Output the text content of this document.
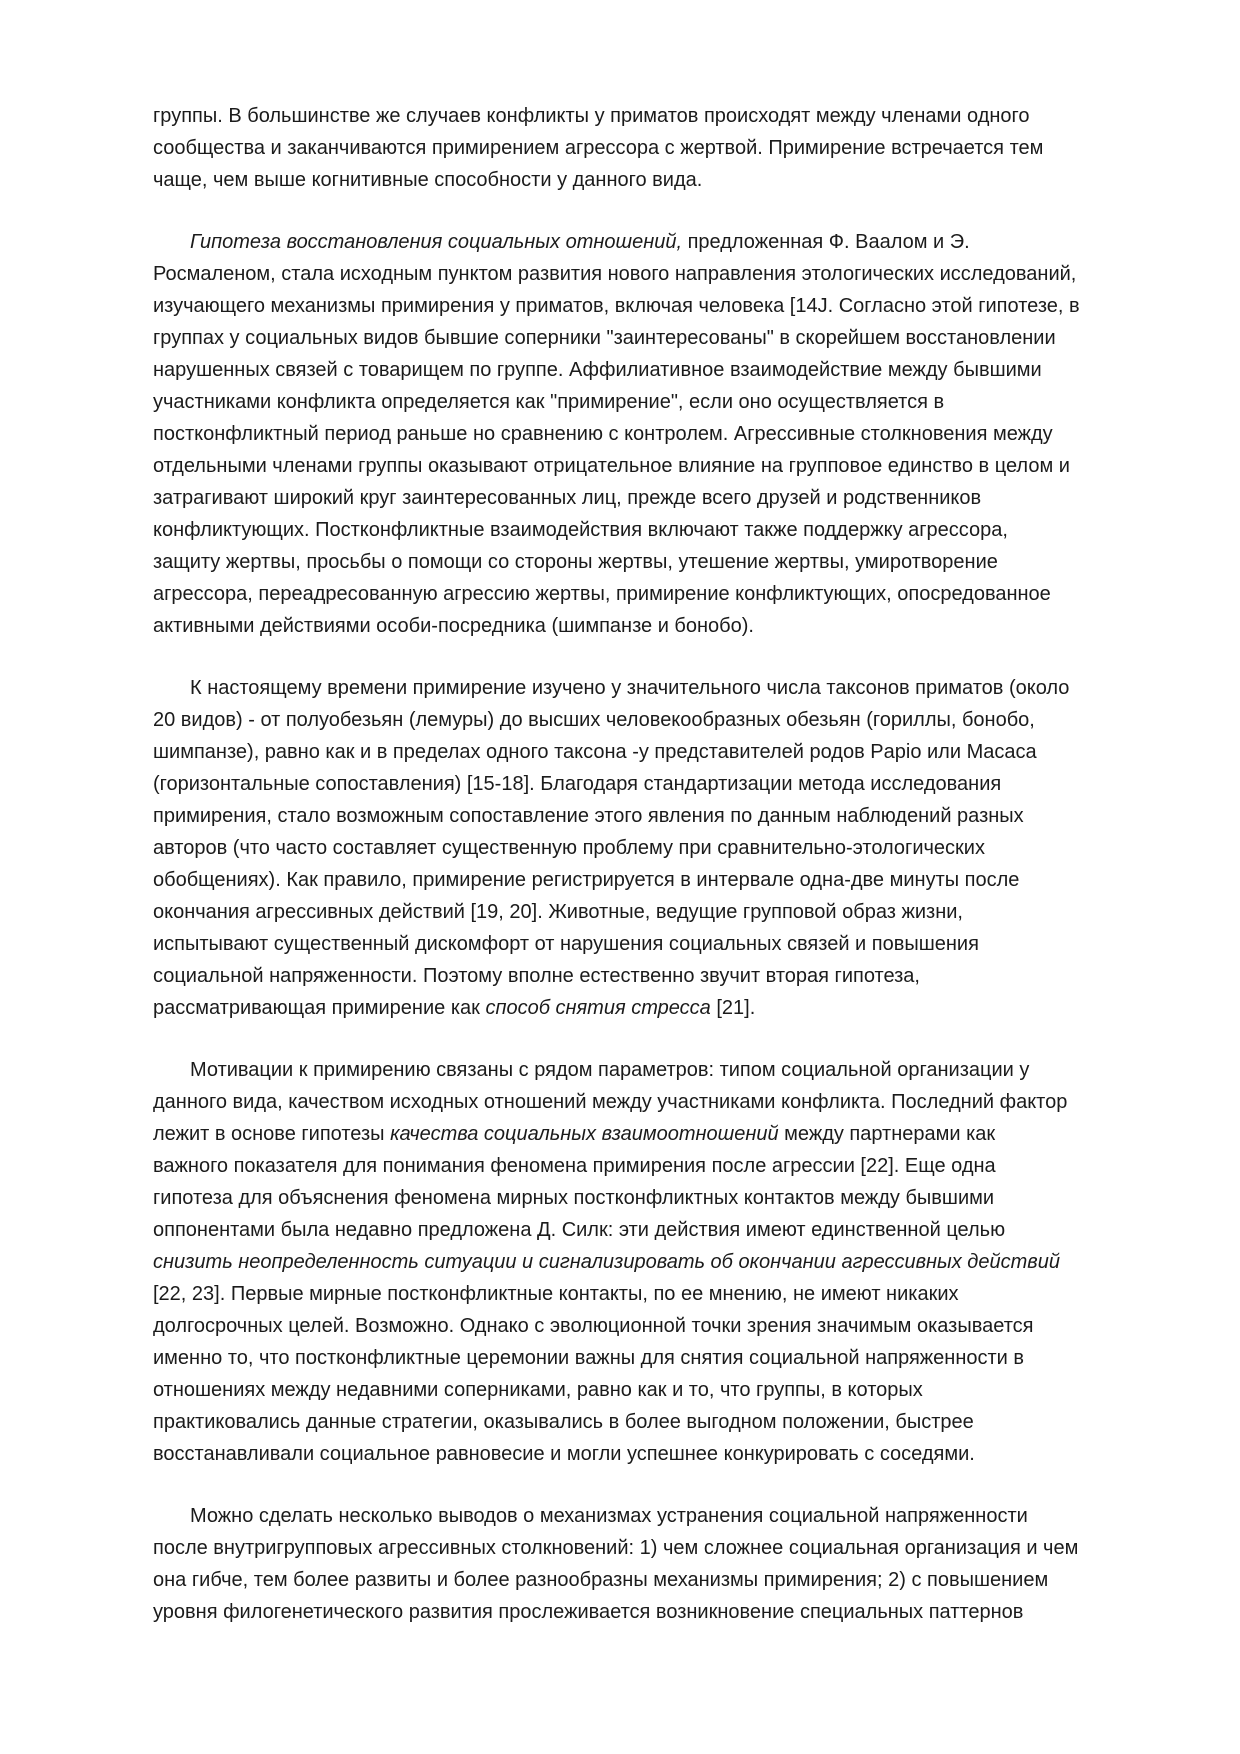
группы. В большинстве же случаев конфликты у приматов происходят между членами одного
сообщества и заканчиваются примирением агрессора с жертвой. Примирение встречается тем
чаще, чем выше когнитивные способности у данного вида.
Гипотеза восстановления социальных отношений, предложенная Ф. Ваалом и Э.
Росмаленом, стала исходным пунктом развития нового направления этологических исследований,
изучающего механизмы примирения у приматов, включая человека [14J. Согласно этой гипотезе, в
группах у социальных видов бывшие соперники "заинтересованы" в скорейшем восстановлении
нарушенных связей с товарищем по группе. Аффилиативное взаимодействие между бывшими
участниками конфликта определяется как "примирение", если оно осуществляется в
постконфликтный период раньше но сравнению с контролем. Агрессивные столкновения между
отдельными членами группы оказывают отрицательное влияние на групповое единство в целом и
затрагивают широкий круг заинтересованных лиц, прежде всего друзей и родственников
конфликтующих. Постконфликтные взаимодействия включают также поддержку агрессора,
защиту жертвы, просьбы о помощи со стороны жертвы, утешение жертвы, умиротворение
агрессора, переадресованную агрессию жертвы, примирение конфликтующих, опосредованное
активными действиями особи-посредника (шимпанзе и бонобо).
К настоящему времени примирение изучено у значительного числа таксонов приматов (около
20 видов) - от полуобезьян (лемуры) до высших человекообразных обезьян (гориллы, бонобо,
шимпанзе), равно как и в пределах одного таксона -у представителей родов Papio или Macaca
(горизонтальные сопоставления) [15-18]. Благодаря стандартизации метода исследования
примирения, стало возможным сопоставление этого явления по данным наблюдений разных
авторов (что часто составляет существенную проблему при сравнительно-этологических
обобщениях). Как правило, примирение регистрируется в интервале одна-две минуты после
окончания агрессивных действий [19, 20]. Животные, ведущие групповой образ жизни,
испытывают существенный дискомфорт от нарушения социальных связей и повышения
социальной напряженности. Поэтому вполне естественно звучит вторая гипотеза,
рассматривающая примирение как способ снятия стресса [21].
Мотивации к примирению связаны с рядом параметров: типом социальной организации у
данного вида, качеством исходных отношений между участниками конфликта. Последний фактор
лежит в основе гипотезы качества социальных взаимоотношений между партнерами как
важного показателя для понимания феномена примирения после агрессии [22]. Еще одна
гипотеза для объяснения феномена мирных постконфликтных контактов между бывшими
оппонентами была недавно предложена Д. Силк: эти действия имеют единственной целью
снизить неопределенность ситуации и сигнализировать об окончании агрессивных действий
[22, 23]. Первые мирные постконфликтные контакты, по ее мнению, не имеют никаких
долгосрочных целей. Возможно. Однако с эволюционной точки зрения значимым оказывается
именно то, что постконфликтные церемонии важны для снятия социальной напряженности в
отношениях между недавними соперниками, равно как и то, что группы, в которых
практиковались данные стратегии, оказывались в более выгодном положении, быстрее
восстанавливали социальное равновесие и могли успешнее конкурировать с соседями.
Можно сделать несколько выводов о механизмах устранения социальной напряженности
после внутригрупповых агрессивных столкновений: 1) чем сложнее социальная организация и чем
она гибче, тем более развиты и более разнообразны механизмы примирения; 2) с повышением
уровня филогенетического развития прослеживается возникновение специальных паттернов
